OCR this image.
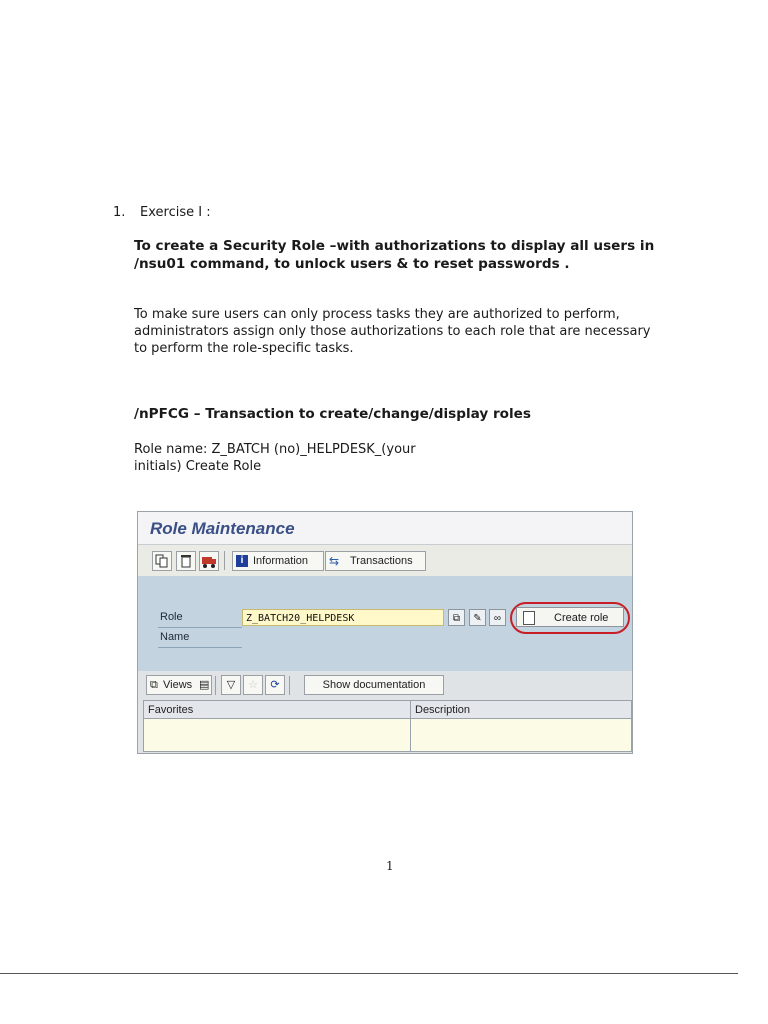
1. Exercise I :
To create a Security Role –with authorizations to display all users in /nsu01 command, to unlock users & to reset passwords .
To make sure users can only process tasks they are authorized to perform, administrators assign only those authorizations to each role that are necessary to perform the role-specific tasks.
/nPFCG – Transaction to create/change/display roles
Role name: Z_BATCH (no)_HELPDESK_(your initials) Create Role
Role Maintenance
i Information ⇆ Transactions
Role	Z_BATCH20_HELPDESK	⧉	✎	∞	Create role
Name
⧉ Views ▤	▽	☆	⟳	Show documentation
Favorites	Description
1
